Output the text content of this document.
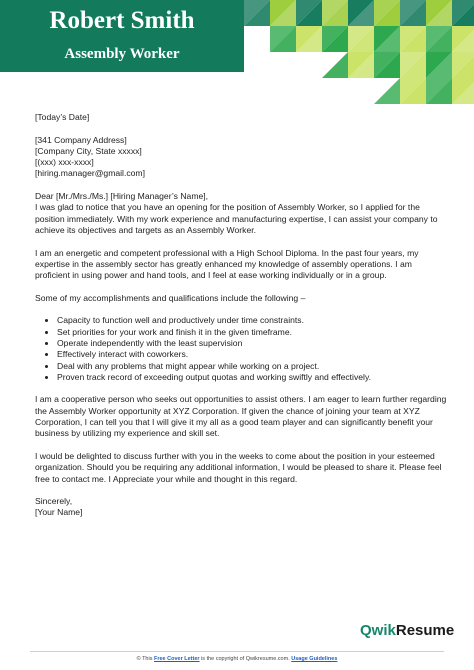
Robert Smith
Assembly Worker

[Today’s Date]

[341 Company Address]

[Company City, State xxxxx]

[(xxx) xxx-xxxx]

[hiring.manager@gmail.com]

Dear [Mr./Mrs./Ms.] [Hiring Manager’s Name],

I was glad to notice that you have an opening for the position of Assembly Worker, so I applied for the position immediately. With my work experience and manufacturing expertise, I can assist your company to achieve its objectives and targets as an Assembly Worker.

I am an energetic and competent professional with a High School Diploma. In the past four years, my expertise in the assembly sector has greatly enhanced my knowledge of assembly operations. I am proficient in using power and hand tools, and I feel at ease working individually or in a group.

Some of my accomplishments and qualifications include the following –

• Capacity to function well and productively under time constraints.
• Set priorities for your work and finish it in the given timeframe.
• Operate independently with the least supervision
• Effectively interact with coworkers.
• Deal with any problems that might appear while working on a project.
• Proven track record of exceeding output quotas and working swiftly and effectively.

I am a cooperative person who seeks out opportunities to assist others. I am eager to learn further regarding the Assembly Worker opportunity at XYZ Corporation. If given the chance of joining your team at XYZ Corporation, I can tell you that I will give it my all as a good team player and can significantly benefit your business by utilizing my experience and skill set.

I would be delighted to discuss further with you in the weeks to come about the position in your esteemed organization. Should you be requiring any additional information, I would be pleased to share it. Please feel free to contact me. I Appreciate your while and thought in this regard.

Sincerely,

[Your Name]

QwikResume
© This Free Cover Letter is the copyright of Qwikresume.com. Usage Guidelines
